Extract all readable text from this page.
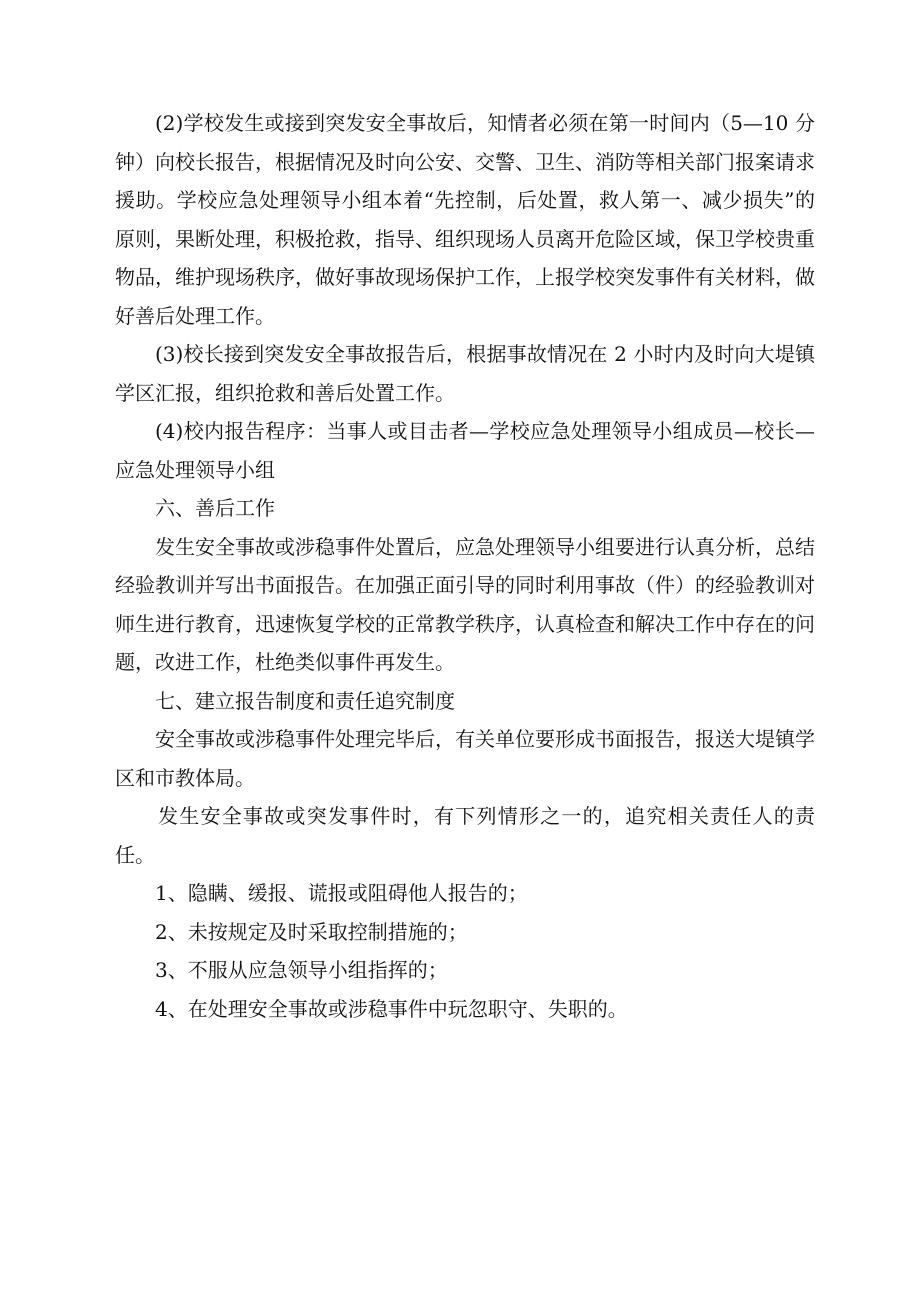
(2)学校发生或接到突发安全事故后，知情者必须在第一时间内（5—10 分钟）向校长报告，根据情况及时向公安、交警、卫生、消防等相关部门报案请求援助。学校应急处理领导小组本着“先控制，后处置，救人第一、减少损失”的原则，果断处理，积极抢救，指导、组织现场人员离开危险区域，保卫学校贵重物品，维护现场秩序，做好事故现场保护工作，上报学校突发事件有关材料，做好善后处理工作。

(3)校长接到突发安全事故报告后，根据事故情况在 2 小时内及时向大堤镇学区汇报，组织抢救和善后处置工作。

(4)校内报告程序：当事人或目击者—学校应急处理领导小组成员—校长—应急处理领导小组

六、善后工作

发生安全事故或涉稳事件处置后，应急处理领导小组要进行认真分析，总结经验教训并写出书面报告。在加强正面引导的同时利用事故（件）的经验教训对师生进行教育，迅速恢复学校的正常教学秩序，认真检查和解决工作中存在的问题，改进工作，杜绝类似事件再发生。

七、建立报告制度和责任追究制度

安全事故或涉稳事件处理完毕后，有关单位要形成书面报告，报送大堤镇学区和市教体局。

发生安全事故或突发事件时，有下列情形之一的，追究相关责任人的责任。

1、隐瞒、缓报、谎报或阻碍他人报告的；

2、未按规定及时采取控制措施的；

3、不服从应急领导小组指挥的；

4、在处理安全事故或涉稳事件中玩忽职守、失职的。
